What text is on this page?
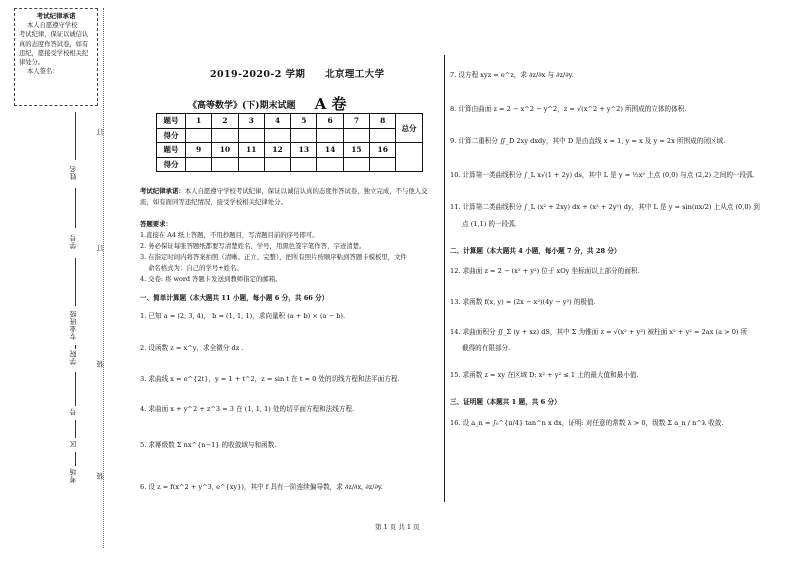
考试纪律承诺
本人自愿遵守学校
考试纪律，保证以诚信认
真的态度作答试卷，如有
违纪，愿接受学校相关纪
律处分。
本人签名：
姓名
学号
专业班级
学院
号
区
考场
订
订
装
装
2019-2020-2 学期　　北京理工大学
《高等数学》(下)期末试题 A 卷
题号	1	2	3	4	5	6	7	8	总分
得分									
题号	9	10	11	12	13	14	15	16	
得分									
考试纪律承诺：本人自愿遵守学校考试纪律，保证以诚信认真的态度作答试卷，独立完成，不与他人交流，如有面同等违纪情况，接受学校相关纪律处分。
答题要求：
1.直接在 A4 纸上答题，不用抄题目，写清题目前的序号即可。
2. 务必保证每张答题纸都要写清楚姓名、学号，用黑色签字笔作答，字迹清楚。
3. 在指定时间内将答案拍照（清晰、正立、完整），把所有照片按顺序粘到答题卡模板里，文件
命名格式为：自己的学号+姓名。
4. 交卷: 将 word 答题卡发送到教师指定的邮箱。
一、简单计算题（本大题共 11 小题，每小题 6 分，共 66 分）
1. 已知 a = (2, 3, 4)， b = (1, 1, 1)，求向量积 (a + b) × (a − b).
2. 设函数 z = x^y，求全微分 dz .
3. 求曲线 x = e^{2t}，y = 1 + t^2，z = sin t 在 t = 0 处的切线方程和法平面方程.
4. 求曲面 x + y^2 + z^3 = 3 在 (1, 1, 1) 处的切平面方程和法线方程.
5. 求幂级数 Σ nx^{n−1} 的收敛域与和函数.
6. 设 z = f(x^2 + y^3, e^{xy})，其中 f 具有一阶连续偏导数，求 ∂z/∂x, ∂z/∂y.
7. 设方程 xyz = e^z，求 ∂z/∂x 与 ∂z/∂y.
8. 计算由曲面 z = 2 − x^2 − y^2，z = √(x^2 + y^2) 所围成的立体的体积.
9. 计算二重积分 ∬_D 2xy dxdy，其中 D 是由直线 x = 1, y = x 及 y = 2x 所围成的闭区域.
10. 计算第一类曲线积分 ∫_L x√(1 + 2y) ds，其中 L 是 y = ½x² 上点 (0,0) 与点 (2,2) 之间的一段弧.
11. 计算第二类曲线积分 ∫_L (x² + 2xy) dx + (x² + 2y²) dy，其中 L 是 y = sin(πx/2) 上从点 (0,0) 到
点 (1,1) 的一段弧.
二、计算题（本大题共 4 小题，每小题 7 分，共 28 分）
12. 求曲面 z = 2 − (x² + y²) 位于 xOy 坐标面以上部分的面积.
13. 求函数 f(x, y) = (2x − x²)(4y − y²) 的极值.
14. 求曲面积分 ∬_Σ (y + xz) dS，其中 Σ 为锥面 z = √(x² + y²) 被柱面 x² + y² = 2ax (a > 0) 所
截得的有限部分.
15. 求函数 z = xy 在区域 D: x² + y² ≤ 1 上的最大值和最小值.
三、证明题（本题共 1 题，共 6 分）
16. 设 a_n = ∫₀^{π/4} tan^n x dx，证明: 对任意的常数 λ > 0，级数 Σ a_n / n^λ 收敛.
第 1 页 共 1 页
